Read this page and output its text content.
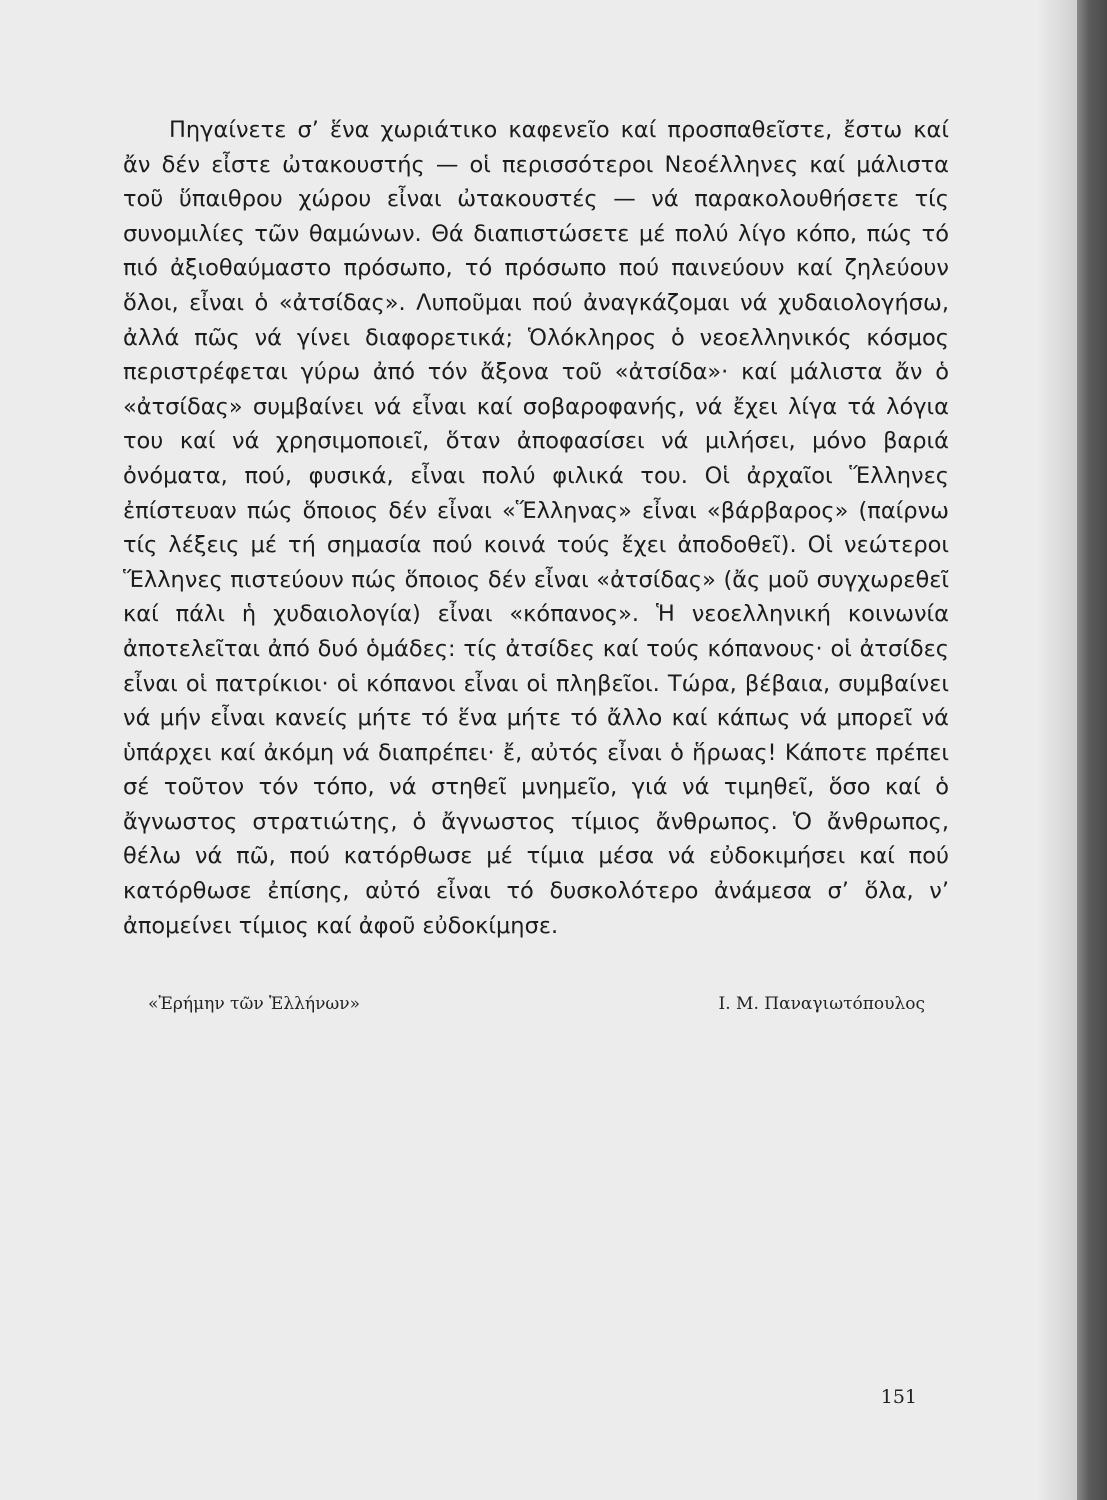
Πηγαίνετε σ’ ἕνα χωριάτικο καφενεῖο καί προσπαθεῖστε, ἔστω καί ἄν δέν εἶστε ὠτακουστής — οἱ περισσότεροι Νεοέλληνες καί μάλιστα τοῦ ὕπαιθρου χώρου εἶναι ὠτακουστές — νά παρακολουθήσετε τίς συνομιλίες τῶν θαμώνων. Θά διαπιστώσετε μέ πολύ λίγο κόπο, πώς τό πιό ἀξιοθαύμαστο πρόσωπο, τό πρόσωπο πού παινεύουν καί ζηλεύουν ὅλοι, εἶναι ὁ «ἀτσίδας». Λυποῦμαι πού ἀναγκάζομαι νά χυδαιολογήσω, ἀλλά πῶς νά γίνει διαφορετικά; Ὁλόκληρος ὁ νεοελληνικός κόσμος περιστρέφεται γύρω ἀπό τόν ἄξονα τοῦ «ἀτσίδα»· καί μάλιστα ἄν ὁ «ἀτσίδας» συμβαίνει νά εἶναι καί σοβαροφανής, νά ἔχει λίγα τά λόγια του καί νά χρησιμοποιεῖ, ὅταν ἀποφασίσει νά μιλήσει, μόνο βαριά ὀνόματα, πού, φυσικά, εἶναι πολύ φιλικά του. Οἱ ἀρχαῖοι Ἕλληνες ἐπίστευαν πώς ὅποιος δέν εἶναι «Ἕλληνας» εἶναι «βάρβαρος» (παίρνω τίς λέξεις μέ τή σημασία πού κοινά τούς ἔχει ἀποδοθεῖ). Οἱ νεώτεροι Ἕλληνες πιστεύουν πώς ὅποιος δέν εἶναι «ἀτσίδας» (ἄς μοῦ συγχωρεθεῖ καί πάλι ἡ χυδαιολογία) εἶναι «κόπανος». Ἡ νεοελληνική κοινωνία ἀποτελεῖται ἀπό δυό ὁμάδες: τίς ἀτσίδες καί τούς κόπανους· οἱ ἀτσίδες εἶναι οἱ πατρίκιοι· οἱ κόπανοι εἶναι οἱ πληβεῖοι. Τώρα, βέβαια, συμβαίνει νά μήν εἶναι κανείς μήτε τό ἕνα μήτε τό ἄλλο καί κάπως νά μπορεῖ νά ὑπάρχει καί ἀκόμη νά διαπρέπει· ἔ, αὐτός εἶναι ὁ ἥρωας! Κάποτε πρέπει σέ τοῦτον τόν τόπο, νά στηθεῖ μνημεῖο, γιά νά τιμηθεῖ, ὅσο καί ὁ ἄγνωστος στρατιώτης, ὁ ἄγνωστος τίμιος ἄνθρωπος. Ὁ ἄνθρωπος, θέλω νά πῶ, πού κατόρθωσε μέ τίμια μέσα νά εὐδοκιμήσει καί πού κατόρθωσε ἐπίσης, αὐτό εἶναι τό δυσκολότερο ἀνάμεσα σ’ ὅλα, ν’ ἀπομείνει τίμιος καί ἀφοῦ εὐδοκίμησε.

«Ἐρήμην τῶν Ἑλλήνων»	Ι. Μ. Παναγιωτόπουλος
151
